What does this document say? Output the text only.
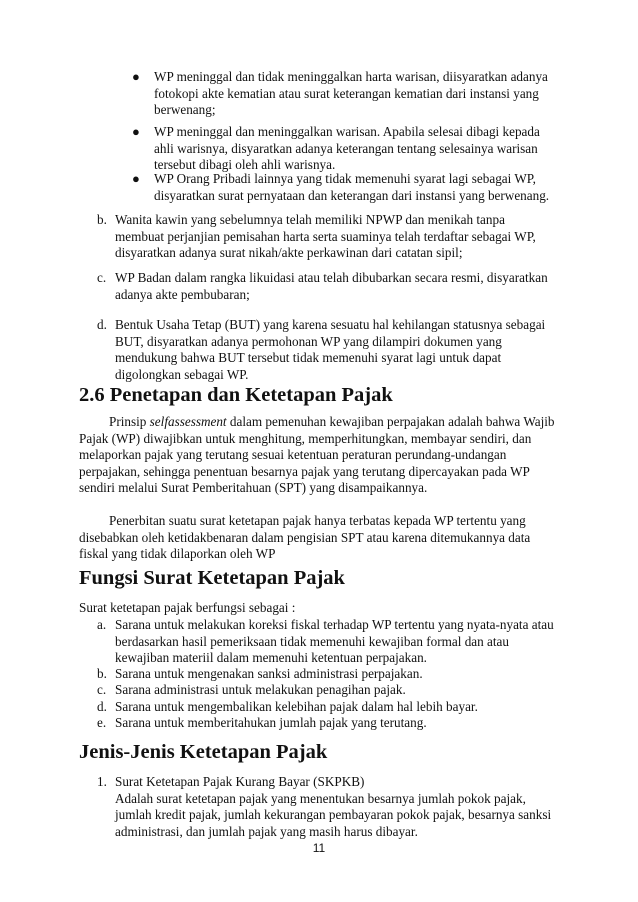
● WP meninggal dan tidak meninggalkan harta warisan, diisyaratkan adanya fotokopi akte kematian atau surat keterangan kematian dari instansi yang berwenang;
● WP meninggal dan meninggalkan warisan. Apabila selesai dibagi kepada ahli warisnya, disyaratkan adanya keterangan tentang selesainya warisan tersebut dibagi oleh ahli warisnya.
● WP Orang Pribadi lainnya yang tidak memenuhi syarat lagi sebagai WP, disyaratkan surat pernyataan dan keterangan dari instansi yang berwenang.
b. Wanita kawin yang sebelumnya telah memiliki NPWP dan menikah tanpa membuat perjanjian pemisahan harta serta suaminya telah terdaftar sebagai WP, disyaratkan adanya surat nikah/akte perkawinan dari catatan sipil;
c. WP Badan dalam rangka likuidasi atau telah dibubarkan secara resmi, disyaratkan adanya akte pembubaran;
d. Bentuk Usaha Tetap (BUT) yang karena sesuatu hal kehilangan statusnya sebagai BUT, disyaratkan adanya permohonan WP yang dilampiri dokumen yang mendukung bahwa BUT tersebut tidak memenuhi syarat lagi untuk dapat digolongkan sebagai WP.
2.6 Penetapan dan Ketetapan Pajak

Prinsip selfassessment dalam pemenuhan kewajiban perpajakan adalah bahwa Wajib Pajak (WP) diwajibkan untuk menghitung, memperhitungkan, membayar sendiri, dan melaporkan pajak yang terutang sesuai ketentuan peraturan perundang-undangan perpajakan, sehingga penentuan besarnya pajak yang terutang dipercayakan pada WP sendiri melalui Surat Pemberitahuan (SPT) yang disampaikannya.

Penerbitan suatu surat ketetapan pajak hanya terbatas kepada WP tertentu yang disebabkan oleh ketidakbenaran dalam pengisian SPT atau karena ditemukannya data fiskal yang tidak dilaporkan oleh WP

Fungsi Surat Ketetapan Pajak

Surat ketetapan pajak berfungsi sebagai :

a. Sarana untuk melakukan koreksi fiskal terhadap WP tertentu yang nyata-nyata atau berdasarkan hasil pemeriksaan tidak memenuhi kewajiban formal dan atau kewajiban materiil dalam memenuhi ketentuan perpajakan.
b. Sarana untuk mengenakan sanksi administrasi perpajakan.
c. Sarana administrasi untuk melakukan penagihan pajak.
d. Sarana untuk mengembalikan kelebihan pajak dalam hal lebih bayar.
e. Sarana untuk memberitahukan jumlah pajak yang terutang.
Jenis-Jenis Ketetapan Pajak
1. Surat Ketetapan Pajak Kurang Bayar (SKPKB)
Adalah surat ketetapan pajak yang menentukan besarnya jumlah pokok pajak, jumlah kredit pajak, jumlah kekurangan pembayaran pokok pajak, besarnya sanksi administrasi, dan jumlah pajak yang masih harus dibayar.
11
